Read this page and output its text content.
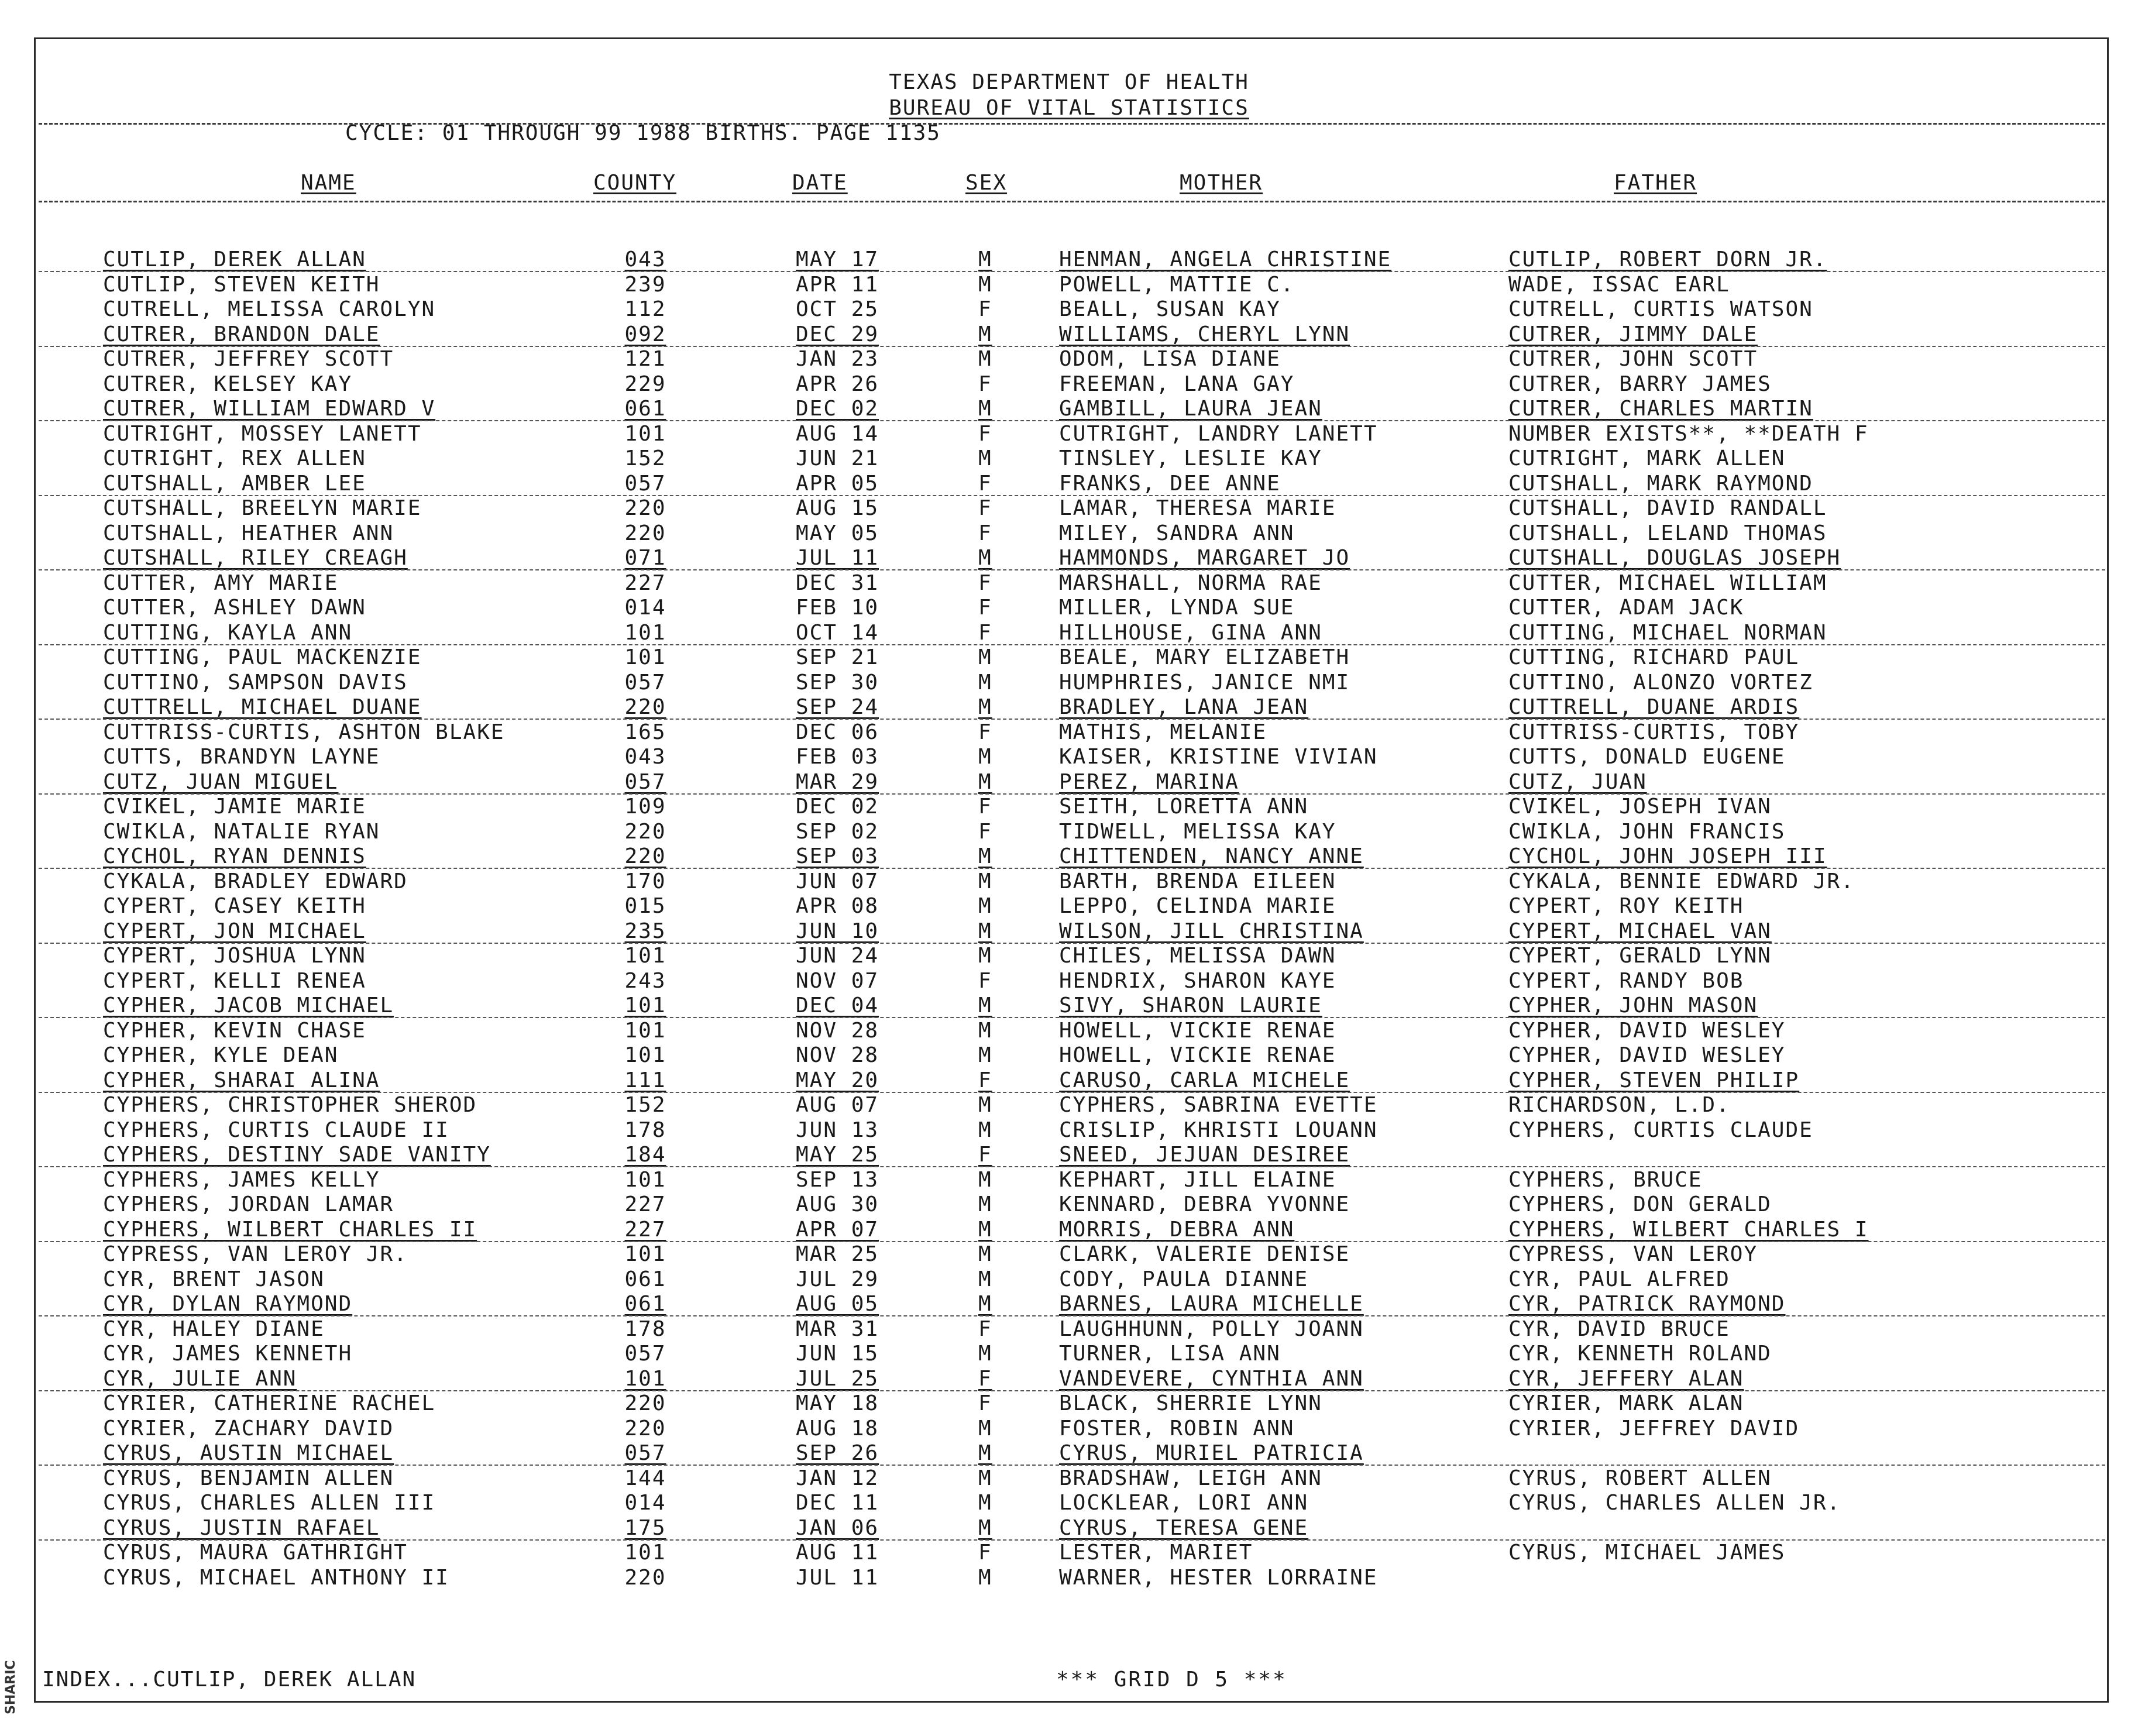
SHARIC
TEXAS DEPARTMENT OF HEALTH
BUREAU OF VITAL STATISTICS
CYCLE: 01 THROUGH 99 1988 BIRTHS. PAGE 1135
NAME	COUNTY	DATE	SEX	MOTHER	FATHER
CUTLIP, DEREK ALLAN	043	MAY 17	M	HENMAN, ANGELA CHRISTINE	CUTLIP, ROBERT DORN JR.
CUTLIP, STEVEN KEITH	239	APR 11	M	POWELL, MATTIE C.	WADE, ISSAC EARL
CUTRELL, MELISSA CAROLYN	112	OCT 25	F	BEALL, SUSAN KAY	CUTRELL, CURTIS WATSON
CUTRER, BRANDON DALE	092	DEC 29	M	WILLIAMS, CHERYL LYNN	CUTRER, JIMMY DALE
CUTRER, JEFFREY SCOTT	121	JAN 23	M	ODOM, LISA DIANE	CUTRER, JOHN SCOTT
CUTRER, KELSEY KAY	229	APR 26	F	FREEMAN, LANA GAY	CUTRER, BARRY JAMES
CUTRER, WILLIAM EDWARD V	061	DEC 02	M	GAMBILL, LAURA JEAN	CUTRER, CHARLES MARTIN
CUTRIGHT, MOSSEY LANETT	101	AUG 14	F	CUTRIGHT, LANDRY LANETT	NUMBER EXISTS**, **DEATH F
CUTRIGHT, REX ALLEN	152	JUN 21	M	TINSLEY, LESLIE KAY	CUTRIGHT, MARK ALLEN
CUTSHALL, AMBER LEE	057	APR 05	F	FRANKS, DEE ANNE	CUTSHALL, MARK RAYMOND
CUTSHALL, BREELYN MARIE	220	AUG 15	F	LAMAR, THERESA MARIE	CUTSHALL, DAVID RANDALL
CUTSHALL, HEATHER ANN	220	MAY 05	F	MILEY, SANDRA ANN	CUTSHALL, LELAND THOMAS
CUTSHALL, RILEY CREAGH	071	JUL 11	M	HAMMONDS, MARGARET JO	CUTSHALL, DOUGLAS JOSEPH
CUTTER, AMY MARIE	227	DEC 31	F	MARSHALL, NORMA RAE	CUTTER, MICHAEL WILLIAM
CUTTER, ASHLEY DAWN	014	FEB 10	F	MILLER, LYNDA SUE	CUTTER, ADAM JACK
CUTTING, KAYLA ANN	101	OCT 14	F	HILLHOUSE, GINA ANN	CUTTING, MICHAEL NORMAN
CUTTING, PAUL MACKENZIE	101	SEP 21	M	BEALE, MARY ELIZABETH	CUTTING, RICHARD PAUL
CUTTINO, SAMPSON DAVIS	057	SEP 30	M	HUMPHRIES, JANICE NMI	CUTTINO, ALONZO VORTEZ
CUTTRELL, MICHAEL DUANE	220	SEP 24	M	BRADLEY, LANA JEAN	CUTTRELL, DUANE ARDIS
CUTTRISS-CURTIS, ASHTON BLAKE	165	DEC 06	F	MATHIS, MELANIE	CUTTRISS-CURTIS, TOBY
CUTTS, BRANDYN LAYNE	043	FEB 03	M	KAISER, KRISTINE VIVIAN	CUTTS, DONALD EUGENE
CUTZ, JUAN MIGUEL	057	MAR 29	M	PEREZ, MARINA	CUTZ, JUAN
CVIKEL, JAMIE MARIE	109	DEC 02	F	SEITH, LORETTA ANN	CVIKEL, JOSEPH IVAN
CWIKLA, NATALIE RYAN	220	SEP 02	F	TIDWELL, MELISSA KAY	CWIKLA, JOHN FRANCIS
CYCHOL, RYAN DENNIS	220	SEP 03	M	CHITTENDEN, NANCY ANNE	CYCHOL, JOHN JOSEPH III
CYKALA, BRADLEY EDWARD	170	JUN 07	M	BARTH, BRENDA EILEEN	CYKALA, BENNIE EDWARD JR.
CYPERT, CASEY KEITH	015	APR 08	M	LEPPO, CELINDA MARIE	CYPERT, ROY KEITH
CYPERT, JON MICHAEL	235	JUN 10	M	WILSON, JILL CHRISTINA	CYPERT, MICHAEL VAN
CYPERT, JOSHUA LYNN	101	JUN 24	M	CHILES, MELISSA DAWN	CYPERT, GERALD LYNN
CYPERT, KELLI RENEA	243	NOV 07	F	HENDRIX, SHARON KAYE	CYPERT, RANDY BOB
CYPHER, JACOB MICHAEL	101	DEC 04	M	SIVY, SHARON LAURIE	CYPHER, JOHN MASON
CYPHER, KEVIN CHASE	101	NOV 28	M	HOWELL, VICKIE RENAE	CYPHER, DAVID WESLEY
CYPHER, KYLE DEAN	101	NOV 28	M	HOWELL, VICKIE RENAE	CYPHER, DAVID WESLEY
CYPHER, SHARAI ALINA	111	MAY 20	F	CARUSO, CARLA MICHELE	CYPHER, STEVEN PHILIP
CYPHERS, CHRISTOPHER SHEROD	152	AUG 07	M	CYPHERS, SABRINA EVETTE	RICHARDSON, L.D.
CYPHERS, CURTIS CLAUDE II	178	JUN 13	M	CRISLIP, KHRISTI LOUANN	CYPHERS, CURTIS CLAUDE
CYPHERS, DESTINY SADE VANITY	184	MAY 25	F	SNEED, JEJUAN DESIREE
CYPHERS, JAMES KELLY	101	SEP 13	M	KEPHART, JILL ELAINE	CYPHERS, BRUCE
CYPHERS, JORDAN LAMAR	227	AUG 30	M	KENNARD, DEBRA YVONNE	CYPHERS, DON GERALD
CYPHERS, WILBERT CHARLES II	227	APR 07	M	MORRIS, DEBRA ANN	CYPHERS, WILBERT CHARLES I
CYPRESS, VAN LEROY JR.	101	MAR 25	M	CLARK, VALERIE DENISE	CYPRESS, VAN LEROY
CYR, BRENT JASON	061	JUL 29	M	CODY, PAULA DIANNE	CYR, PAUL ALFRED
CYR, DYLAN RAYMOND	061	AUG 05	M	BARNES, LAURA MICHELLE	CYR, PATRICK RAYMOND
CYR, HALEY DIANE	178	MAR 31	F	LAUGHHUNN, POLLY JOANN	CYR, DAVID BRUCE
CYR, JAMES KENNETH	057	JUN 15	M	TURNER, LISA ANN	CYR, KENNETH ROLAND
CYR, JULIE ANN	101	JUL 25	F	VANDEVERE, CYNTHIA ANN	CYR, JEFFERY ALAN
CYRIER, CATHERINE RACHEL	220	MAY 18	F	BLACK, SHERRIE LYNN	CYRIER, MARK ALAN
CYRIER, ZACHARY DAVID	220	AUG 18	M	FOSTER, ROBIN ANN	CYRIER, JEFFREY DAVID
CYRUS, AUSTIN MICHAEL	057	SEP 26	M	CYRUS, MURIEL PATRICIA
CYRUS, BENJAMIN ALLEN	144	JAN 12	M	BRADSHAW, LEIGH ANN	CYRUS, ROBERT ALLEN
CYRUS, CHARLES ALLEN III	014	DEC 11	M	LOCKLEAR, LORI ANN	CYRUS, CHARLES ALLEN JR.
CYRUS, JUSTIN RAFAEL	175	JAN 06	M	CYRUS, TERESA GENE
CYRUS, MAURA GATHRIGHT	101	AUG 11	F	LESTER, MARIET	CYRUS, MICHAEL JAMES
CYRUS, MICHAEL ANTHONY II	220	JUL 11	M	WARNER, HESTER LORRAINE
INDEX...CUTLIP, DEREK ALLAN	*** GRID D 5 ***
